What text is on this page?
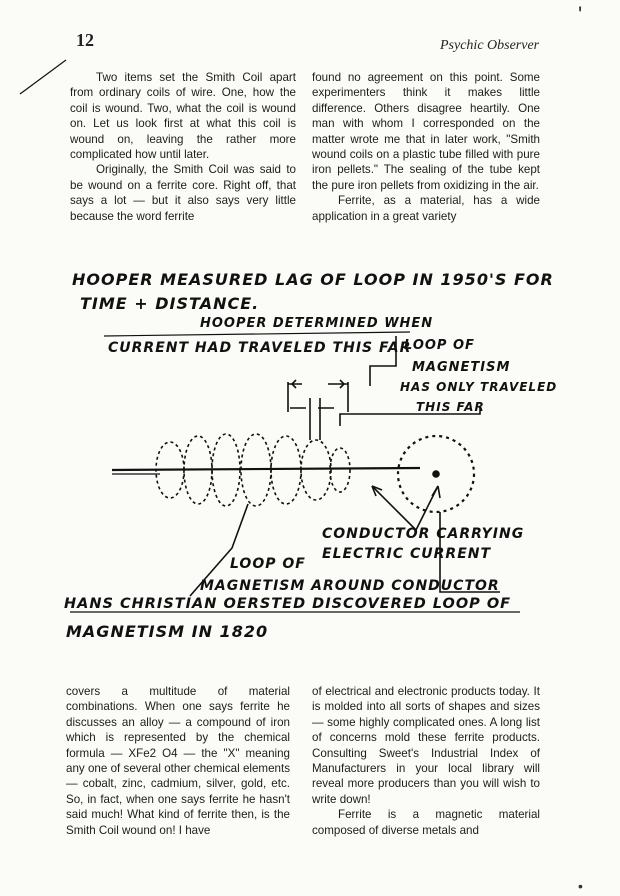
12
'
Psychic Observer

Two items set the Smith Coil apart from ordinary coils of wire. One, how the coil is wound. Two, what the coil is wound on. Let us look first at what this coil is wound on, leaving the rather more complicated how until later.

Originally, the Smith Coil was said to be wound on a ferrite core. Right off, that says a lot — but it also says very little because the word ferrite

found no agreement on this point. Some experimenters think it makes little difference. Others disagree heartily. One man with whom I corresponded on the matter wrote me that in later work, "Smith wound coils on a plastic tube filled with pure iron pellets." The sealing of the tube kept the pure iron pellets from oxidizing in the air.

Ferrite, as a material, has a wide application in a great variety

HOOPER MEASURED LAG OF LOOP IN 1950'S FOR
TIME + DISTANCE.
HOOPER DETERMINED WHEN
CURRENT HAD TRAVELED THIS FAR
LOOP OF
MAGNETISM
HAS ONLY TRAVELED
THIS FAR
CONDUCTOR CARRYING
ELECTRIC CURRENT
LOOP OF
MAGNETISM AROUND CONDUCTOR
HANS CHRISTIAN OERSTED DISCOVERED LOOP OF
MAGNETISM IN 1820

covers a multitude of material combinations. When one says ferrite he discusses an alloy — a compound of iron which is represented by the chemical formula — XFe2 O4 — the "X" meaning any one of several other chemical elements — cobalt, zinc, cadmium, silver, gold, etc. So, in fact, when one says ferrite he hasn't said much! What kind of ferrite then, is the Smith Coil wound on! I have

of electrical and electronic products today. It is molded into all sorts of shapes and sizes — some highly complicated ones. A long list of concerns mold these ferrite products. Consulting Sweet's Industrial Index of Manufacturers in your local library will reveal more producers than you will wish to write down!

Ferrite is a magnetic material composed of diverse metals and

•
